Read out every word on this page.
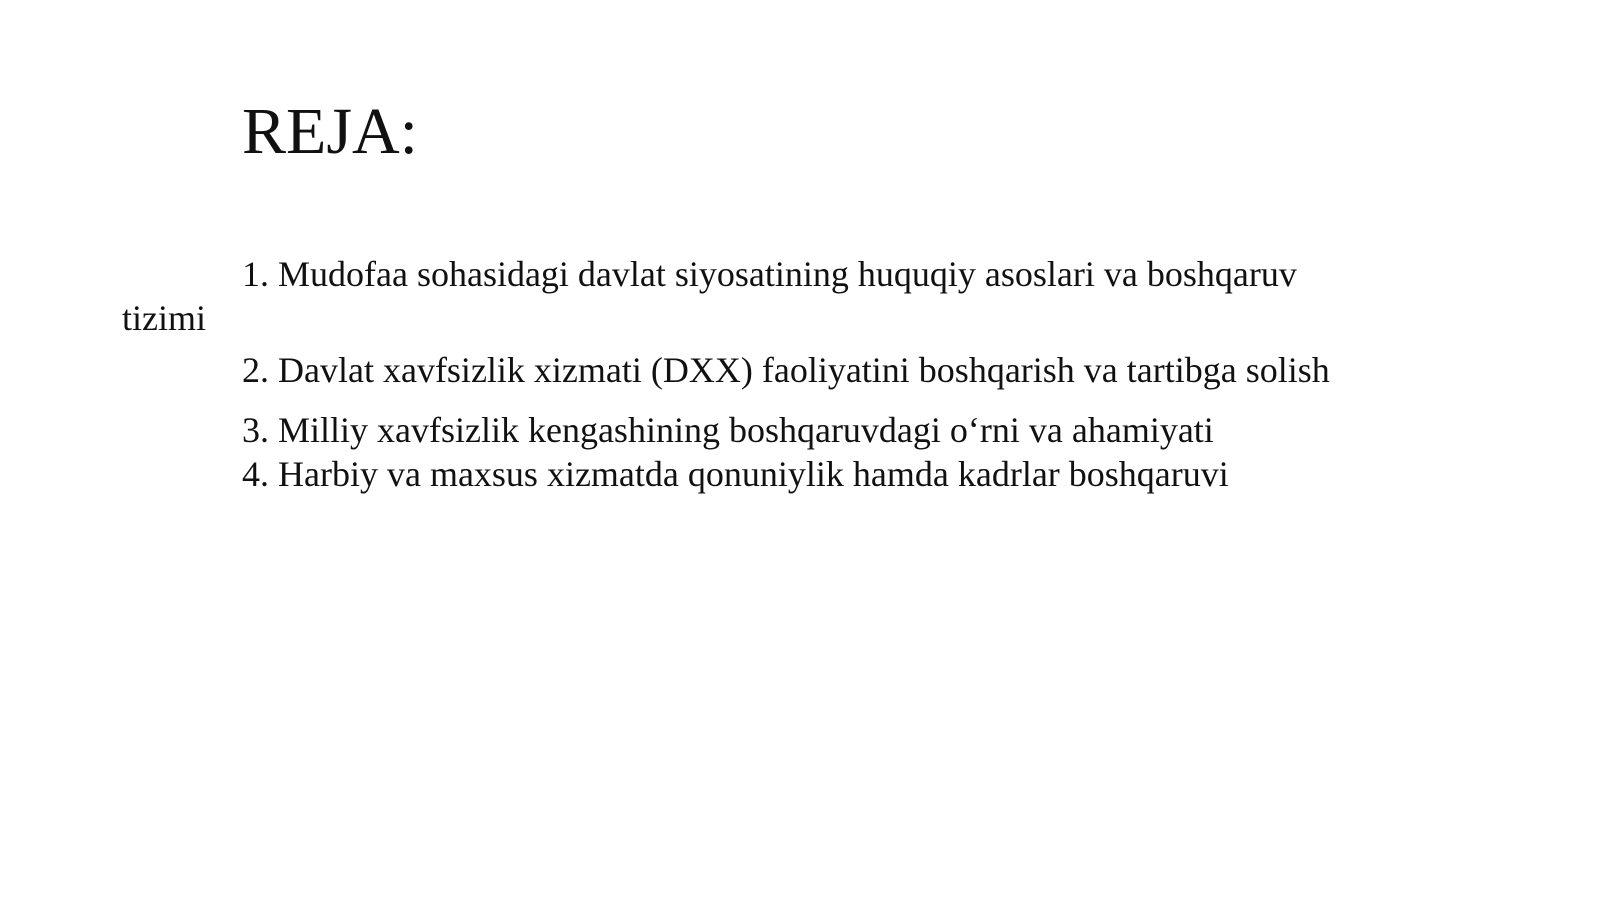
REJA:
1. Mudofaa sohasidagi davlat siyosatining huquqiy asoslari va boshqaruv
tizimi
2. Davlat xavfsizlik xizmati (DXX) faoliyatini boshqarish va tartibga solish
3. Milliy xavfsizlik kengashining boshqaruvdagi o‘rni va ahamiyati
4. Harbiy va maxsus xizmatda qonuniylik hamda kadrlar boshqaruvi
